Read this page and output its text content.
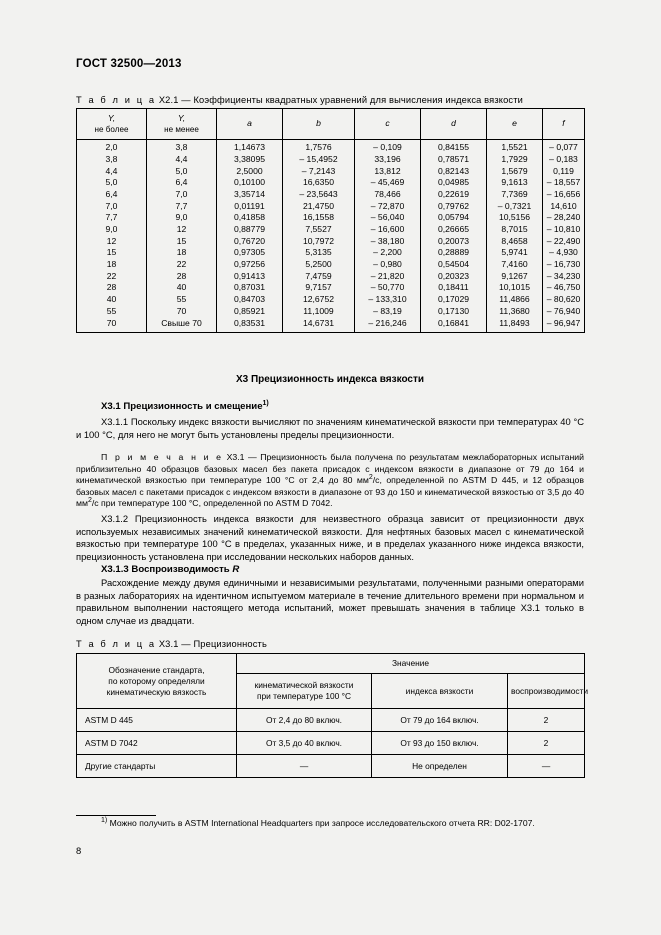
ГОСТ 32500—2013
Т а б л и ц а X2.1 — Коэффициенты квадратных уравнений для вычисления индекса вязкости
Y,
не более	Y,
не менее	a	b	c	d	e	f
2,0	3,8	1,14673	1,7576	– 0,109	0,84155	1,5521	– 0,077
3,8	4,4	3,38095	– 15,4952	33,196	0,78571	1,7929	– 0,183
4,4	5,0	2,5000	– 7,2143	13,812	0,82143	1,5679	0,119
5,0	6,4	0,10100	16,6350	– 45,469	0,04985	9,1613	– 18,557
6,4	7,0	3,35714	– 23,5643	78,466	0,22619	7,7369	– 16,656
7,0	7,7	0,01191	21,4750	– 72,870	0,79762	– 0,7321	14,610
7,7	9,0	0,41858	16,1558	– 56,040	0,05794	10,5156	– 28,240
9,0	12	0,88779	7,5527	– 16,600	0,26665	8,7015	– 10,810
12	15	0,76720	10,7972	– 38,180	0,20073	8,4658	– 22,490
15	18	0,97305	5,3135	– 2,200	0,28889	5,9741	– 4,930
18	22	0,97256	5,2500	– 0,980	0,54504	7,4160	– 16,730
22	28	0,91413	7,4759	– 21,820	0,20323	9,1267	– 34,230
28	40	0,87031	9,7157	– 50,770	0,18411	10,1015	– 46,750
40	55	0,84703	12,6752	– 133,310	0,17029	11,4866	– 80,620
55	70	0,85921	11,1009	– 83,19	0,17130	11,3680	– 76,940
70	Свыше 70	0,83531	14,6731	– 216,246	0,16841	11,8493	– 96,947
X3 Прецизионность индекса вязкости
X3.1 Прецизионность и смещение$^{1)}$
X3.1.1 Поскольку индекс вязкости вычисляют по значениям кинематической вязкости при температурах 40 °С и 100 °С, для него не могут быть установлены пределы прецизионности.
П р и м е ч а н и е X3.1 — Прецизионность была получена по результатам межлабораторных испытаний приблизительно 40 образцов базовых масел без пакета присадок с индексом вязкости в диапазоне от 79 до 164 и кинематической вязкостью при температуре 100 °С от 2,4 до 80 $мм^2/с$, определенной по ASTM D 445, и 12 образцов базовых масел с пакетами присадок с индексом вязкости в диапазоне от 93 до 150 и кинематической вязкостью от 3,5 до 40 $мм^2/с$ при температуре 100 °С, определенной по ASTM D 7042.
X3.1.2 Прецизионность индекса вязкости для неизвестного образца зависит от прецизионности двух используемых независимых значений кинематической вязкости. Для нефтяных базовых масел с кинематической вязкостью при температуре 100 °С в пределах, указанных ниже, и в пределах указанного ниже индекса вязкости, прецизионность установлена при исследовании нескольких наборов данных.
X3.1.3 Воспроизводимость R
Расхождение между двумя единичными и независимыми результатами, полученными разными операторами в разных лабораториях на идентичном испытуемом материале в течение длительного времени при нормальном и правильном выполнении настоящего метода испытаний, может превышать значения в таблице X3.1 только в одном случае из двадцати.
Т а б л и ц а X3.1 — Прецизионность
Обозначение стандарта,
по которому определяли
кинематическую вязкость	Значение		

	кинематической вязкости
при температуре 100 °С	индекса вязкости	воспроизводимости
ASTM D 445	От 2,4 до 80 включ.	От 79 до 164 включ.	2
ASTM D 7042	От 3,5 до 40 включ.	От 93 до 150 включ.	2
Другие стандарты	—	Не определен	—
$^{1)}$ Можно получить в ASTM International Headquarters при запросе исследовательского отчета RR: D02-1707.
8
